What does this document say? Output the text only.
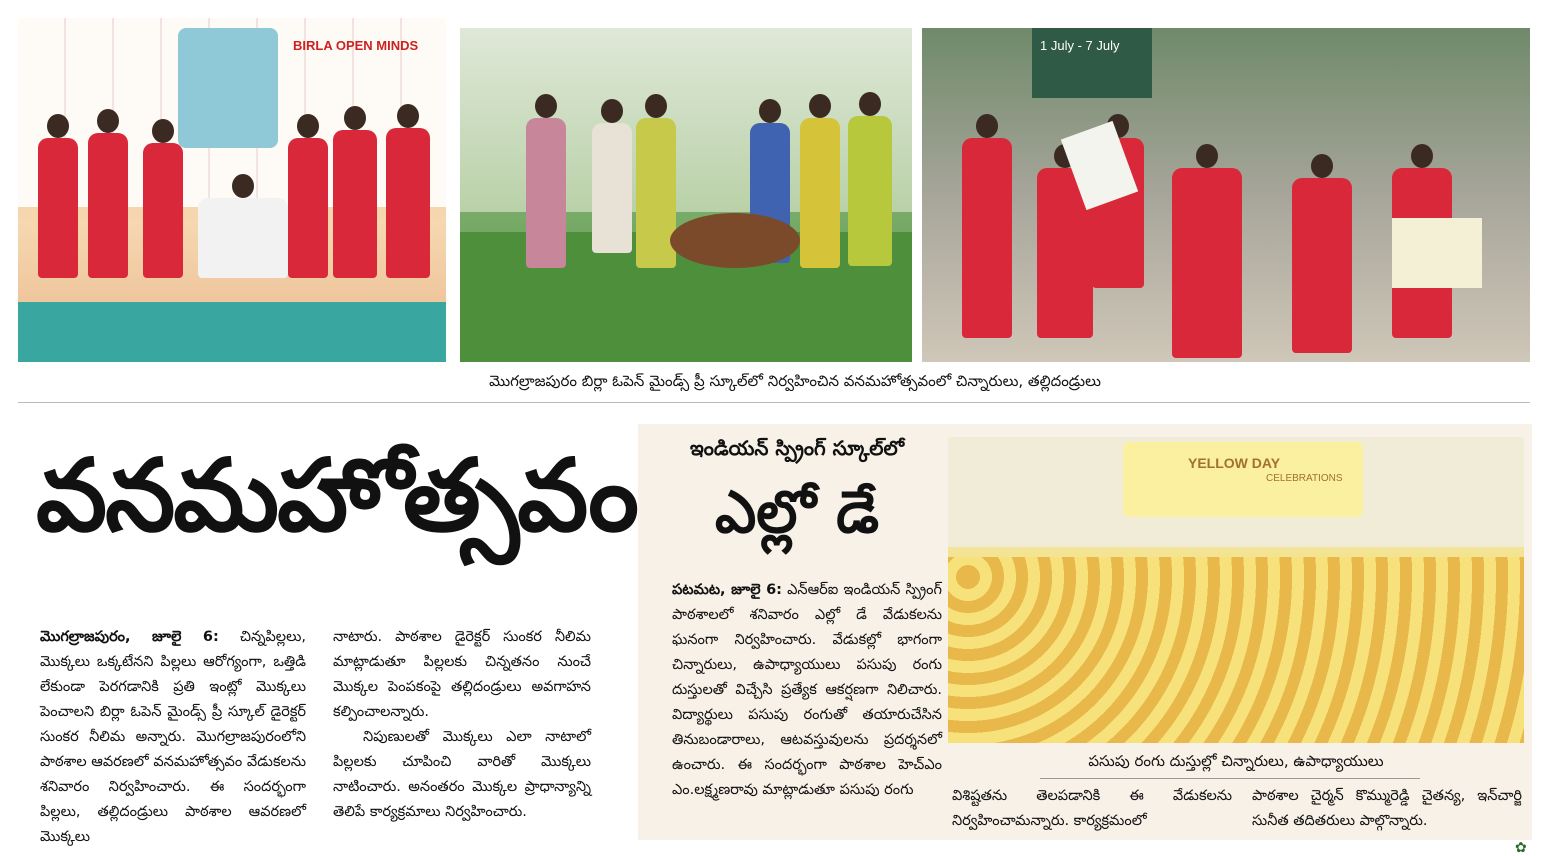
BIRLA OPEN MINDS	1 July - 7 July
మొగల్రాజపురం బిర్లా ఓపెన్ మైండ్స్ ప్రీ స్కూల్‌లో నిర్వహించిన వనమహోత్సవంలో చిన్నారులు, తల్లిదండ్రులు
వనమహోత్సవం
మొగల్రాజపురం, జూలై 6: చిన్నపిల్లలు, మొక్కలు ఒక్కటేనని పిల్లలు ఆరోగ్యంగా, ఒత్తిడి లేకుండా పెరగడానికి ప్రతి ఇంట్లో మొక్కలు పెంచాలని బిర్లా ఓపెన్ మైండ్స్ ప్రీ స్కూల్ డైరెక్టర్ సుంకర నీలిమ అన్నారు. మొగల్రాజపురంలోని పాఠశాల ఆవరణలో వనమహోత్సవం వేడుకలను శనివారం నిర్వహించారు. ఈ సందర్భంగా పిల్లలు, తల్లిదండ్రులు పాఠశాల ఆవరణలో మొక్కలు
నాటారు. పాఠశాల డైరెక్టర్ సుంకర నీలిమ మాట్లాడుతూ పిల్లలకు చిన్నతనం నుంచే మొక్కల పెంపకంపై తల్లిదండ్రులు అవగాహన కల్పించాలన్నారు.
నిపుణులతో మొక్కలు ఎలా నాటాలో పిల్లలకు చూపించి వారితో మొక్కలు నాటించారు. అనంతరం మొక్కల ప్రాధాన్యాన్ని తెలిపే కార్యక్రమాలు నిర్వహించారు.
ఇండియన్ స్ప్రింగ్ స్కూల్‌లో
ఎల్లో డే
పటమట, జూలై 6: ఎన్ఆర్ఐ ఇండియన్ స్ప్రింగ్ పాఠశాలలో శనివారం ఎల్లో డే వేడుకలను ఘనంగా నిర్వహించారు. వేడుకల్లో భాగంగా చిన్నారులు, ఉపాధ్యాయులు పసుపు రంగు దుస్తులతో విచ్చేసి ప్రత్యేక ఆకర్షణగా నిలిచారు. విద్యార్థులు పసుపు రంగుతో తయారుచేసిన తినుబండారాలు, ఆటవస్తువులను ప్రదర్శనలో ఉంచారు. ఈ సందర్భంగా పాఠశాల హెచ్ఎం ఎం.లక్ష్మణరావు మాట్లాడుతూ పసుపు రంగు
YELLOW DAY
CELEBRATIONS
పసుపు రంగు దుస్తుల్లో చిన్నారులు, ఉపాధ్యాయులు
విశిష్టతను తెలపడానికి ఈ వేడుకలను నిర్వహించామన్నారు. కార్యక్రమంలో
పాఠశాల చైర్మన్ కొమ్మురెడ్డి చైతన్య, ఇన్‌చార్జి సునీత తదితరులు పాల్గొన్నారు.
✿
